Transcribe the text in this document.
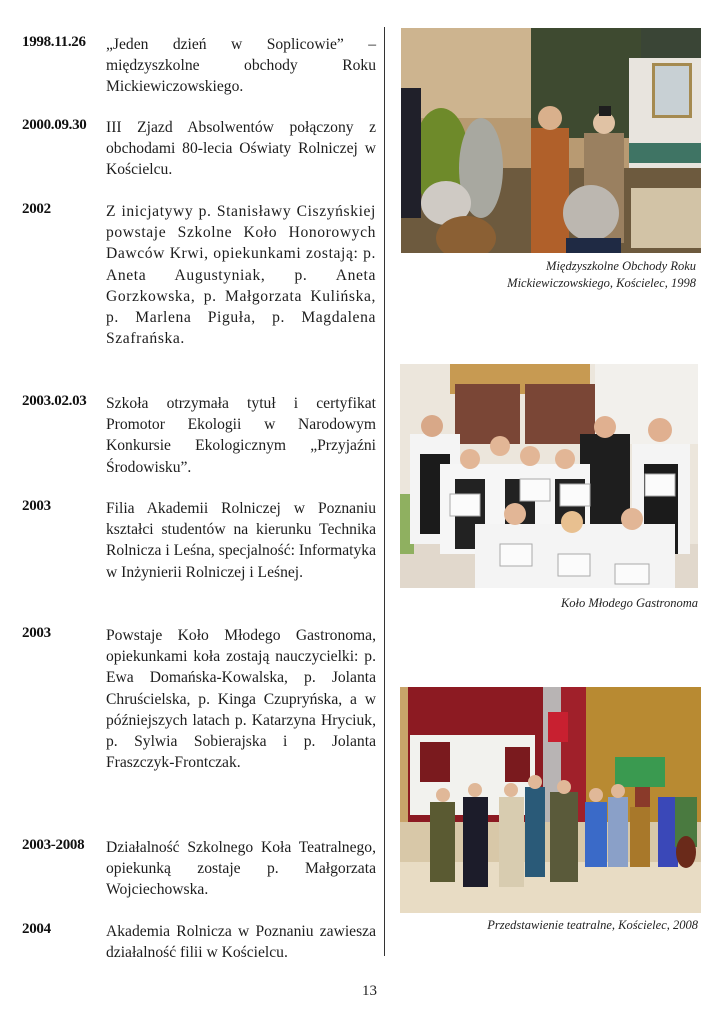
1998.11.26 „Jeden dzień w Soplicowie” – międzyszkolne obchody Roku Mickiewiczowskiego.
2000.09.30 III Zjazd Absolwentów połączony z obchodami 80-lecia Oświaty Rolniczej w Kościelcu.
2002	Z inicjatywy p. Stanisławy Ciszyńskiej powstaje Szkolne Koło Honorowych Dawców Krwi, opiekunkami zostają: p. Aneta Augustyniak, p. Aneta Gorzkowska, p. Małgorzata Kulińska, p. Marlena Piguła, p. Magdalena Szafrańska.
2003.02.03 Szkoła otrzymała tytuł i certyfikat Promotor Ekologii w Narodowym Konkursie Ekologicznym „Przyjaźni Środowisku”.
2003	Filia Akademii Rolniczej w Poznaniu kształci studentów na kierunku Technika Rolnicza i Leśna, specjalność: Informatyka w Inżynierii Rolniczej i Leśnej.
2003	Powstaje Koło Młodego Gastronoma, opiekunkami koła zostają nauczycielki: p. Ewa Domańska-Kowalska, p. Jolanta Chruścielska, p. Kinga Czupryńska, a w późniejszych latach p. Katarzyna Hryciuk, p. Sylwia Sobierajska i p. Jolanta Fraszczyk-Frontczak.
2003-2008 Działalność Szkolnego Koła Teatralnego, opiekunką zostaje p. Małgorzata Wojciechowska.
2004	Akademia Rolnicza w Poznaniu zawiesza działalność filii w Kościelcu.
Międzyszkolne Obchody Roku
Mickiewiczowskiego, Kościelec, 1998
Koło Młodego Gastronoma
Przedstawienie teatralne, Kościelec, 2008
13
